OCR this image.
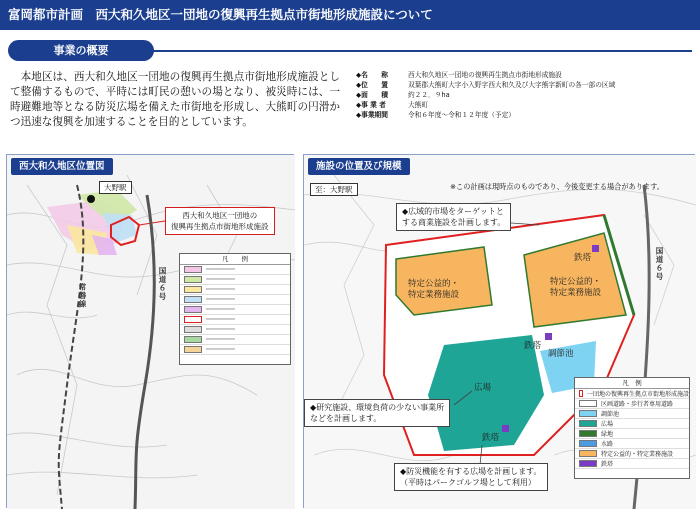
富岡都市計画　西大和久地区一団地の復興再生拠点市街地形成施設について
事業の概要

本地区は、西大和久地区一団地の復興再生拠点市街地形成施設として整備するもので、平時には町民の憩いの場となり、被災時には、一時避難地等となる防災広場を備えた市街地を形成し、大熊町の円滑かつ迅速な復興を加速することを目的としています。

◆名　　称	西大和久地区一団地の復興再生拠点市街地形成施設
◆位　　置	双葉郡大熊町大字小入野字西大和久及び大字熊字新町の各一部の区域
◆面　　積	約２２．９ha
◆事 業 者	大熊町
◆事業期間	令和６年度～令和１２年度（予定）
西大和久地区位置図
大野駅
西大和久地区一団地の
復興再生拠点市街地形成施設
国道６号
常磐線
凡　　例
━━━━━━━━
━━━━━━━━
━━━━━━━━
━━━━━━━━
━━━━━━━━
━━━━━━━━
━━━━━━━━
━━━━━━━━
━━━━━━━━
施設の位置及び規模
※この計画は現時点のものであり、今後変更する場合があります。
至：大野駅
◆広域的市場をターゲットと
する商業施設を計画します。
◆研究施設、環境負荷の少ない事業所
などを計画します。
◆防災機能を有する広場を計画します。
（平時はパークゴルフ場として利用）
特定公益的・
特定業務施設
特定公益的・
特定業務施設
鉄塔
鉄塔
鉄塔
調節池
広場
国道６号
凡　例
一団地の復興再生拠点市街地形成施設
区画道路・歩行者専用道路
調節池
広場
緑地
水路
特定公益的・特定業務施設
鉄塔
